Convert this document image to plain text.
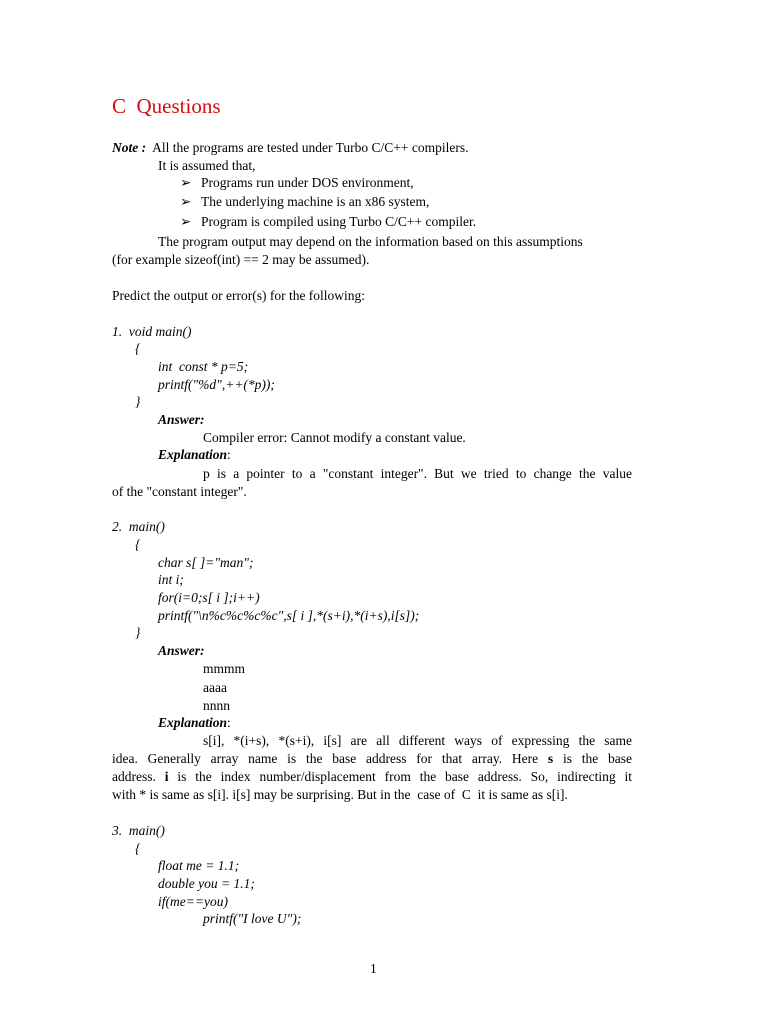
C  Questions
Note : All the programs are tested under Turbo C/C++ compilers.
It is assumed that,
➢ Programs run under DOS environment,
➢ The underlying machine is an x86 system,
➢ Program is compiled using Turbo C/C++ compiler.
The program output may depend on the information based on this assumptions
(for example sizeof(int) == 2 may be assumed).
Predict the output or error(s) for the following:
1. void main()
{
int  const * p=5;
printf("%d",++(*p));
}
Answer:
Compiler error: Cannot modify a constant value.
Explanation:
p is a pointer to a "constant integer". But we tried to change the value
of the "constant integer".
2. main()
{
char s[ ]="man";
int i;
for(i=0;s[ i ];i++)
printf("\n%c%c%c%c",s[ i ],*(s+i),*(i+s),i[s]);
}
Answer:
mmmm
aaaa
nnnn
Explanation:
s[i], *(i+s), *(s+i), i[s] are all different ways of expressing the same
idea. Generally array name is the base address for that array. Here s is the base
address. i is the index number/displacement from the base address. So, indirecting it
with * is same as s[i]. i[s] may be surprising. But in the  case of  C  it is same as s[i].
3. main()
{
float me = 1.1;
double you = 1.1;
if(me==you)
printf("I love U");
1
